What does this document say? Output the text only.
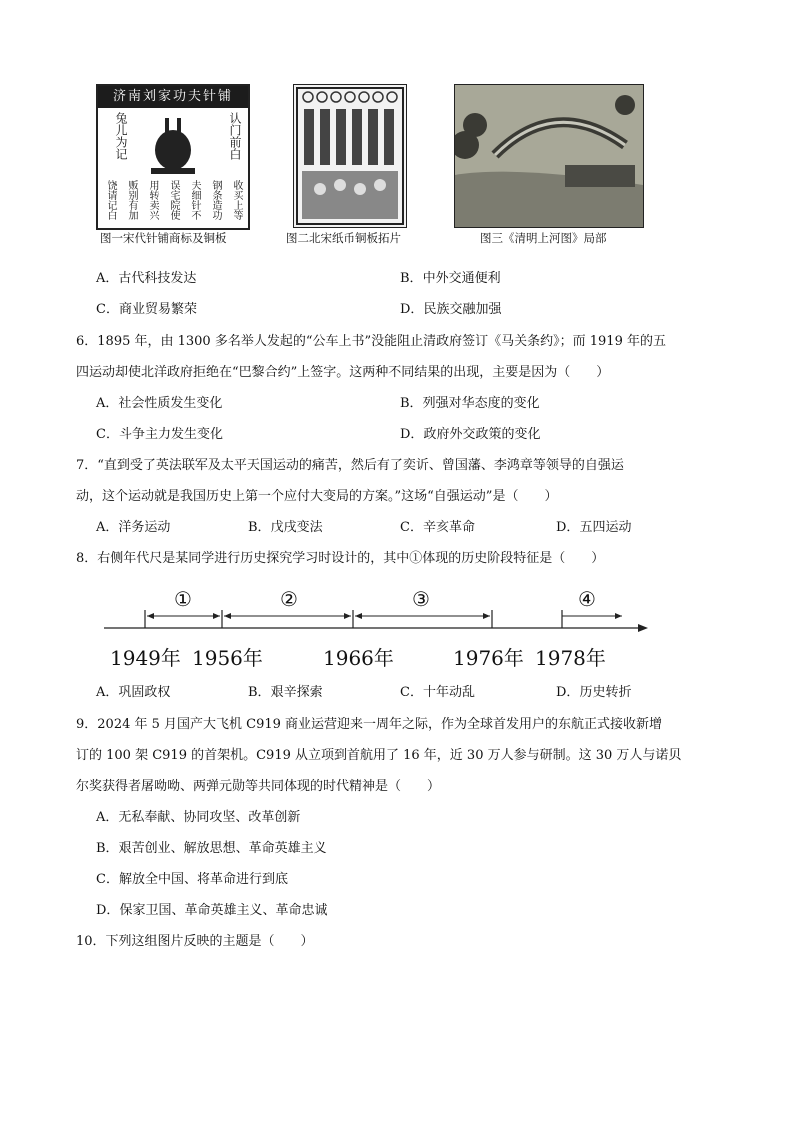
济南刘家功夫针铺
兔儿为记	认门前白
收买上等
钢条造功
夫细针不
误宅院使
用转卖兴
贩别有加
饶请记白
图一宋代针铺商标及铜板	图二北宋纸币铜板拓片	图三《清明上河图》局部
A．古代科技发达	B．中外交通便利
C．商业贸易繁荣	D．民族交融加强
6．1895 年，由 1300 多名举人发起的“公车上书”没能阻止清政府签订《马关条约》；而 1919 年的五
四运动却使北洋政府拒绝在“巴黎合约”上签字。这两种不同结果的出现，主要是因为（　　）
A．社会性质发生变化	B．列强对华态度的变化
C．斗争主力发生变化	D．政府外交政策的变化
7．“直到受了英法联军及太平天国运动的痛苦，然后有了奕䜣、曾国藩、李鸿章等领导的自强运
动，这个运动就是我国历史上第一个应付大变局的方案。”这场“自强运动”是（　　）
A．洋务运动	B．戊戌变法	C．辛亥革命	D．五四运动
8．右侧年代尺是某同学进行历史探究学习时设计的，其中①体现的历史阶段特征是（　　）
①	②	③	④
1949年 1956年	1966年	1976年 1978年
A．巩固政权	B．艰辛探索	C．十年动乱	D．历史转折
9．2024 年 5 月国产大飞机 C919 商业运营迎来一周年之际，作为全球首发用户的东航正式接收新增
订的 100 架 C919 的首架机。C919 从立项到首航用了 16 年，近 30 万人参与研制。这 30 万人与诺贝
尔奖获得者屠呦呦、两弹元勋等共同体现的时代精神是（　　）
A．无私奉献、协同攻坚、改革创新
B．艰苦创业、解放思想、革命英雄主义
C．解放全中国、将革命进行到底
D．保家卫国、革命英雄主义、革命忠诚
10．下列这组图片反映的主题是（　　）
